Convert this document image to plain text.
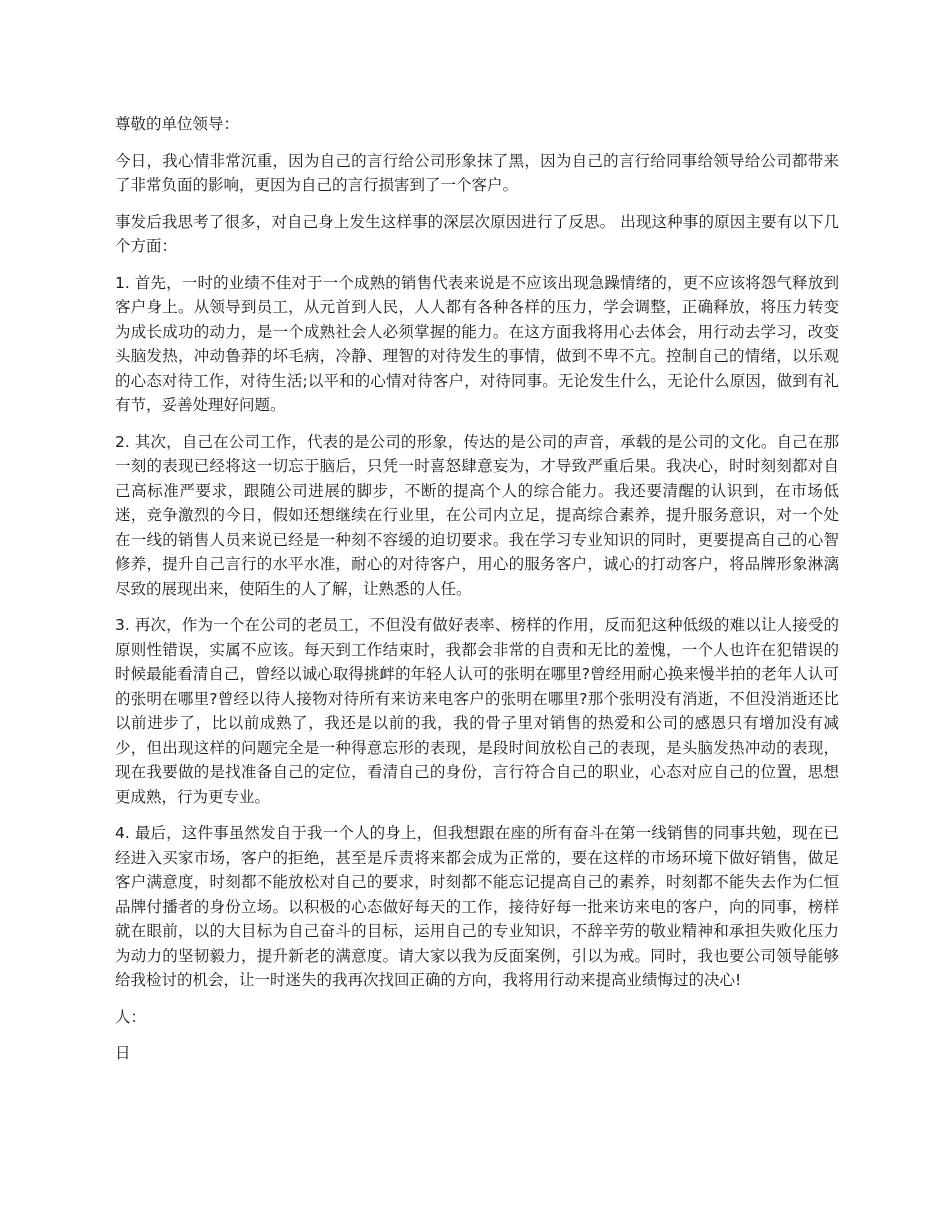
尊敬的单位领导：

今日，我心情非常沉重，因为自己的言行给公司形象抹了黑，因为自己的言行给同事给领导给公司都带来了非常负面的影响，更因为自己的言行损害到了一个客户。

事发后我思考了很多，对自己身上发生这样事的深层次原因进行了反思。 出现这种事的原因主要有以下几个方面：

1. 首先，一时的业绩不佳对于一个成熟的销售代表来说是不应该出现急躁情绪的，更不应该将怨气释放到客户身上。从领导到员工，从元首到人民，人人都有各种各样的压力，学会调整，正确释放，将压力转变为成长成功的动力，是一个成熟社会人必须掌握的能力。在这方面我将用心去体会，用行动去学习，改变头脑发热，冲动鲁莽的坏毛病，冷静、理智的对待发生的事情，做到不卑不亢。控制自己的情绪，以乐观的心态对待工作，对待生活;以平和的心情对待客户，对待同事。无论发生什么，无论什么原因，做到有礼有节，妥善处理好问题。

2. 其次，自己在公司工作，代表的是公司的形象，传达的是公司的声音，承载的是公司的文化。自己在那一刻的表现已经将这一切忘于脑后，只凭一时喜怒肆意妄为，才导致严重后果。我决心，时时刻刻都对自己高标准严要求，跟随公司进展的脚步，不断的提高个人的综合能力。我还要清醒的认识到，在市场低迷，竞争激烈的今日，假如还想继续在行业里，在公司内立足，提高综合素养，提升服务意识，对一个处在一线的销售人员来说已经是一种刻不容缓的迫切要求。我在学习专业知识的同时，更要提高自己的心智修养，提升自己言行的水平水准，耐心的对待客户，用心的服务客户，诚心的打动客户，将品牌形象淋漓尽致的展现出来，使陌生的人了解，让熟悉的人任。

3. 再次，作为一个在公司的老员工，不但没有做好表率、榜样的作用，反而犯这种低级的难以让人接受的原则性错误，实属不应该。每天到工作结束时，我都会非常的自责和无比的羞愧，一个人也许在犯错误的时候最能看清自己，曾经以诚心取得挑衅的年轻人认可的张明在哪里?曾经用耐心换来慢半拍的老年人认可的张明在哪里?曾经以待人接物对待所有来访来电客户的张明在哪里?那个张明没有消逝，不但没消逝还比以前进步了，比以前成熟了，我还是以前的我，我的骨子里对销售的热爱和公司的感恩只有增加没有减少，但出现这样的问题完全是一种得意忘形的表现，是段时间放松自己的表现，是头脑发热冲动的表现，现在我要做的是找准备自己的定位，看清自己的身份，言行符合自己的职业，心态对应自己的位置，思想更成熟，行为更专业。

4. 最后，这件事虽然发自于我一个人的身上，但我想跟在座的所有奋斗在第一线销售的同事共勉，现在已经进入买家市场，客户的拒绝，甚至是斥责将来都会成为正常的，要在这样的市场环境下做好销售，做足客户满意度，时刻都不能放松对自己的要求，时刻都不能忘记提高自己的素养，时刻都不能失去作为仁恒品牌付播者的身份立场。以积极的心态做好每天的工作，接待好每一批来访来电的客户，向的同事，榜样就在眼前，以的大目标为自己奋斗的目标，运用自己的专业知识，不辞辛劳的敬业精神和承担失败化压力为动力的坚韧毅力，提升新老的满意度。请大家以我为反面案例，引以为戒。同时，我也要公司领导能够给我检讨的机会，让一时迷失的我再次找回正确的方向，我将用行动来提高业绩悔过的决心!

人：

日
